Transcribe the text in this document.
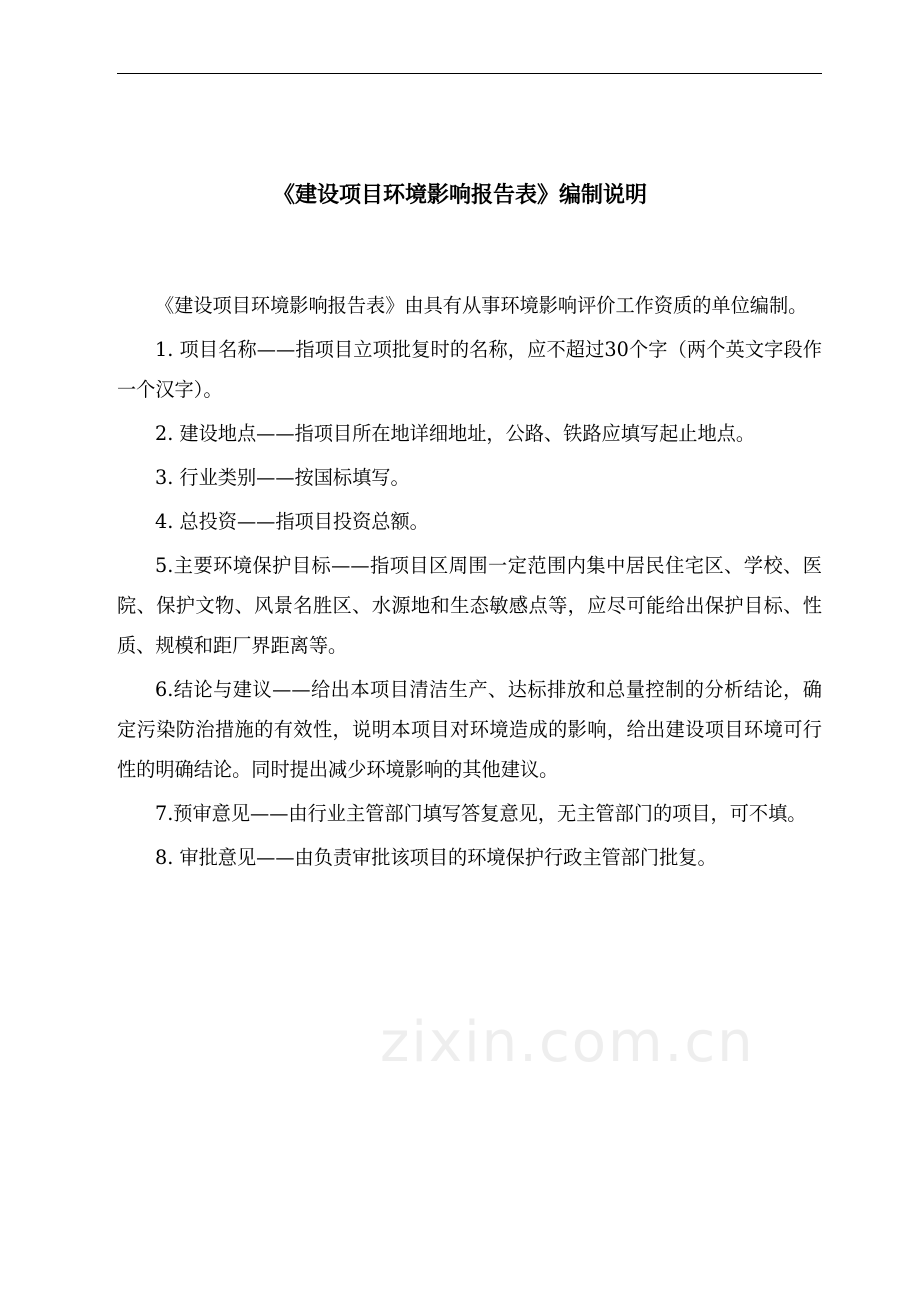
《建设项目环境影响报告表》编制说明

《建设项目环境影响报告表》由具有从事环境影响评价工作资质的单位编制。

1. 项目名称——指项目立项批复时的名称，应不超过30个字（两个英文字段作一个汉字）。

2. 建设地点——指项目所在地详细地址，公路、铁路应填写起止地点。

3. 行业类别——按国标填写。

4. 总投资——指项目投资总额。

5.主要环境保护目标——指项目区周围一定范围内集中居民住宅区、学校、医院、保护文物、风景名胜区、水源地和生态敏感点等，应尽可能给出保护目标、性质、规模和距厂界距离等。

6.结论与建议——给出本项目清洁生产、达标排放和总量控制的分析结论，确定污染防治措施的有效性，说明本项目对环境造成的影响，给出建设项目环境可行性的明确结论。同时提出减少环境影响的其他建议。

7.预审意见——由行业主管部门填写答复意见，无主管部门的项目，可不填。

8. 审批意见——由负责审批该项目的环境保护行政主管部门批复。

zixin.com.cn
